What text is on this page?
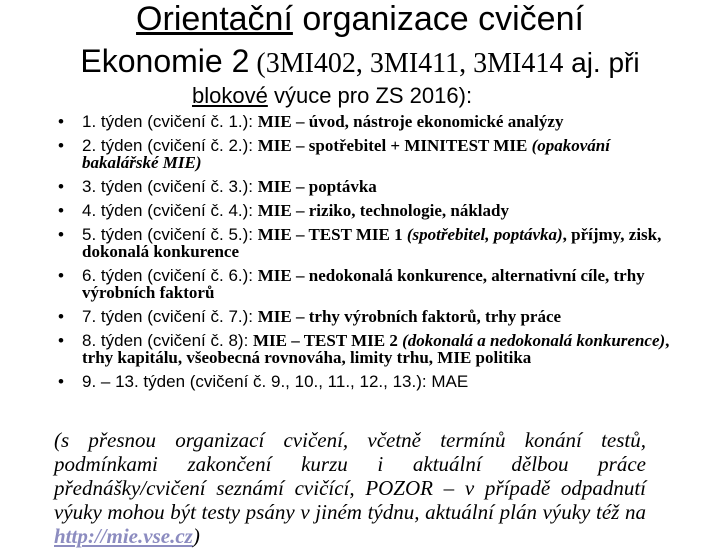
Orientační organizace cvičení
Ekonomie 2 (3MI402, 3MI411, 3MI414 aj. při
blokové výuce pro ZS 2016):
• 1. týden (cvičení č. 1.): MIE – úvod, nástroje ekonomické analýzy
• 2. týden (cvičení č. 2.): MIE – spotřebitel + MINITEST MIE (opakování bakalářské MIE)
• 3. týden (cvičení č. 3.): MIE – poptávka
• 4. týden (cvičení č. 4.): MIE – riziko, technologie, náklady
• 5. týden (cvičení č. 5.): MIE – TEST MIE 1 (spotřebitel, poptávka), příjmy, zisk, dokonalá konkurence
• 6. týden (cvičení č. 6.): MIE – nedokonalá konkurence, alternativní cíle, trhy výrobních faktorů
• 7. týden (cvičení č. 7.): MIE – trhy výrobních faktorů, trhy práce
• 8. týden (cvičení č. 8): MIE – TEST MIE 2 (dokonalá a nedokonalá konkurence), trhy kapitálu, všeobecná rovnováha, limity trhu, MIE politika
• 9. – 13. týden (cvičení č. 9., 10., 11., 12., 13.): MAE
(s přesnou organizací cvičení, včetně termínů konání testů, podmínkami zakončení kurzu i aktuální dělbou práce přednášky/cvičení seznámí cvičící, POZOR – v případě odpadnutí výuky mohou být testy psány v jiném týdnu, aktuální plán výuky též na http://mie.vse.cz)
